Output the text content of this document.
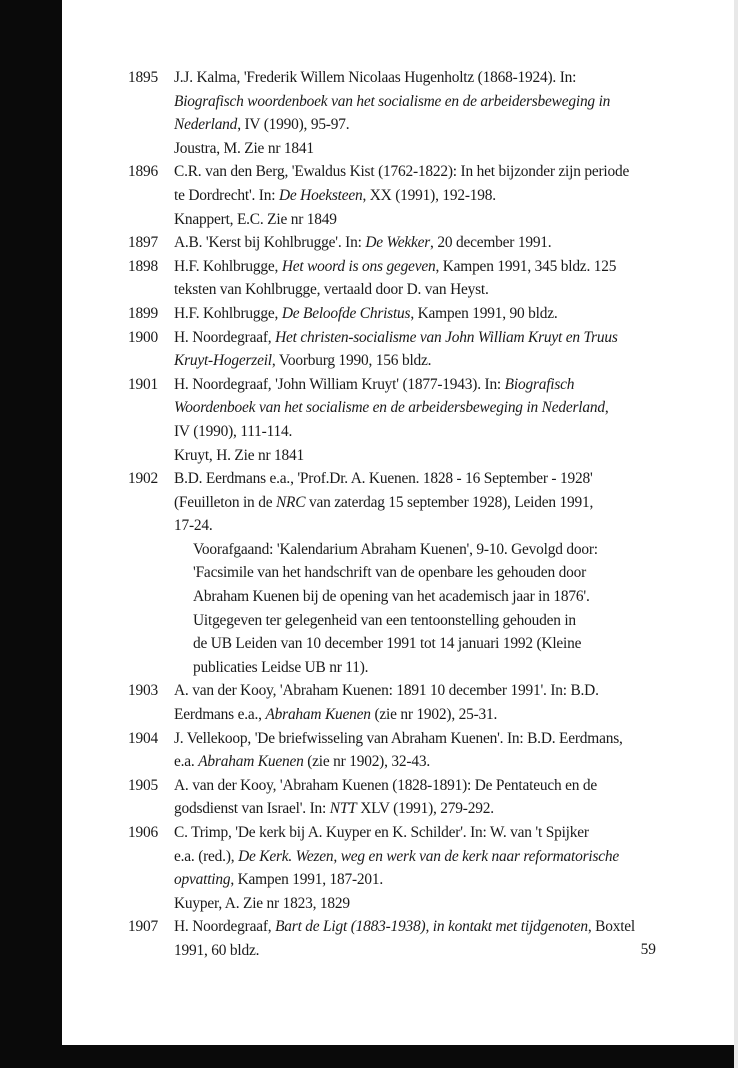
1895	J.J. Kalma, 'Frederik Willem Nicolaas Hugenholtz (1868-1924). In:
Biografisch woordenboek van het socialisme en de arbeidersbeweging in
Nederland, IV (1990), 95-97.
Joustra, M. Zie nr 1841
1896	C.R. van den Berg, 'Ewaldus Kist (1762-1822): In het bijzonder zijn periode
te Dordrecht'. In: De Hoeksteen, XX (1991), 192-198.
Knappert, E.C. Zie nr 1849
1897	A.B. 'Kerst bij Kohlbrugge'. In: De Wekker, 20 december 1991.
1898	H.F. Kohlbrugge, Het woord is ons gegeven, Kampen 1991, 345 bldz. 125
teksten van Kohlbrugge, vertaald door D. van Heyst.
1899	H.F. Kohlbrugge, De Beloofde Christus, Kampen 1991, 90 bldz.
1900	H. Noordegraaf, Het christen-socialisme van John William Kruyt en Truus
Kruyt-Hogerzeil, Voorburg 1990, 156 bldz.
1901	H. Noordegraaf, 'John William Kruyt' (1877-1943). In: Biografisch
Woordenboek van het socialisme en de arbeidersbeweging in Nederland,
IV (1990), 111-114.
Kruyt, H. Zie nr 1841
1902	B.D. Eerdmans e.a., 'Prof.Dr. A. Kuenen. 1828 - 16 September - 1928'
(Feuilleton in de NRC van zaterdag 15 september 1928), Leiden 1991,
17-24.
Voorafgaand: 'Kalendarium Abraham Kuenen', 9-10. Gevolgd door:
'Facsimile van het handschrift van de openbare les gehouden door
Abraham Kuenen bij de opening van het academisch jaar in 1876'.
Uitgegeven ter gelegenheid van een tentoonstelling gehouden in
de UB Leiden van 10 december 1991 tot 14 januari 1992 (Kleine
publicaties Leidse UB nr 11).
1903	A. van der Kooy, 'Abraham Kuenen: 1891 10 december 1991'. In: B.D.
Eerdmans e.a., Abraham Kuenen (zie nr 1902), 25-31.
1904	J. Vellekoop, 'De briefwisseling van Abraham Kuenen'. In: B.D. Eerdmans,
e.a. Abraham Kuenen (zie nr 1902), 32-43.
1905	A. van der Kooy, 'Abraham Kuenen (1828-1891): De Pentateuch en de
godsdienst van Israel'. In: NTT XLV (1991), 279-292.
1906	C. Trimp, 'De kerk bij A. Kuyper en K. Schilder'. In: W. van 't Spijker
e.a. (red.), De Kerk. Wezen, weg en werk van de kerk naar reformatorische
opvatting, Kampen 1991, 187-201.
Kuyper, A. Zie nr 1823, 1829
1907	H. Noordegraaf, Bart de Ligt (1883-1938), in kontakt met tijdgenoten, Boxtel
1991, 60 bldz.	59
